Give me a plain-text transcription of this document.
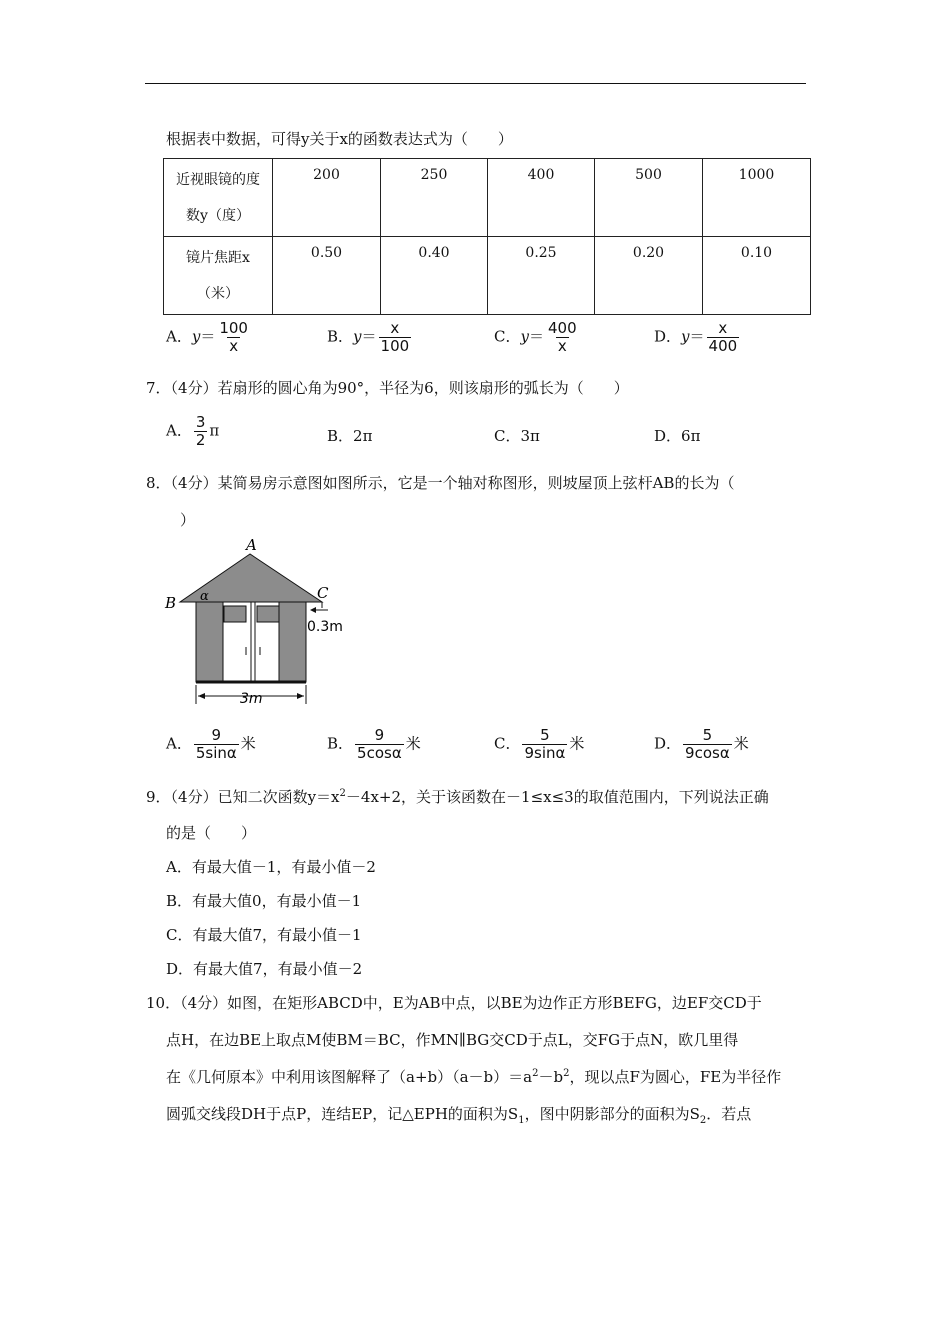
根据表中数据，可得y关于x的函数表达式为（　　）
近视眼镜的度
数y（度）	200	250	400	500	1000

镜片焦距x
（米）	0.50	0.40	0.25	0.20	0.10
A．$y= \frac{100}{x}$	B．$y= \frac{x}{100}$	C．$y= \frac{400}{x}$	D．$y= \frac{x}{400}$
7．（4分）若扇形的圆心角为90°，半径为6，则该扇形的弧长为（　　）
A． $\frac{3}{2}$ π	B．2π	C．3π	D．6π
8．（4分）某简易房示意图如图所示，它是一个轴对称图形，则坡屋顶上弦杆AB的长为（
）
A
B
C
α
0.3m
3m
A． $\frac{9}{5\sin\alpha}$ 米	B． $\frac{9}{5\cos\alpha}$ 米	C． $\frac{5}{9\sin\alpha}$ 米	D． $\frac{5}{9\cos\alpha}$ 米
9．（4分）已知二次函数$y=x^2-4x+2$，关于该函数在－1≤x≤3的取值范围内，下列说法正确
的是（　　）
A．有最大值－1，有最小值－2
B．有最大值0，有最小值－1
C．有最大值7，有最小值－1
D．有最大值7，有最小值－2
10．（4分）如图，在矩形ABCD中，E为AB中点，以BE为边作正方形BEFG，边EF交CD于
点H，在边BE上取点M使BM＝BC，作MN∥BG交CD于点L，交FG于点N，欧几里得
在《几何原本》中利用该图解释了$(a+b)(a-b)=a^2-b^2$，现以点F为圆心，FE为半径作
圆弧交线段DH于点P，连结EP，记△EPH的面积为$S_1$，图中阴影部分的面积为$S_2$．若点
